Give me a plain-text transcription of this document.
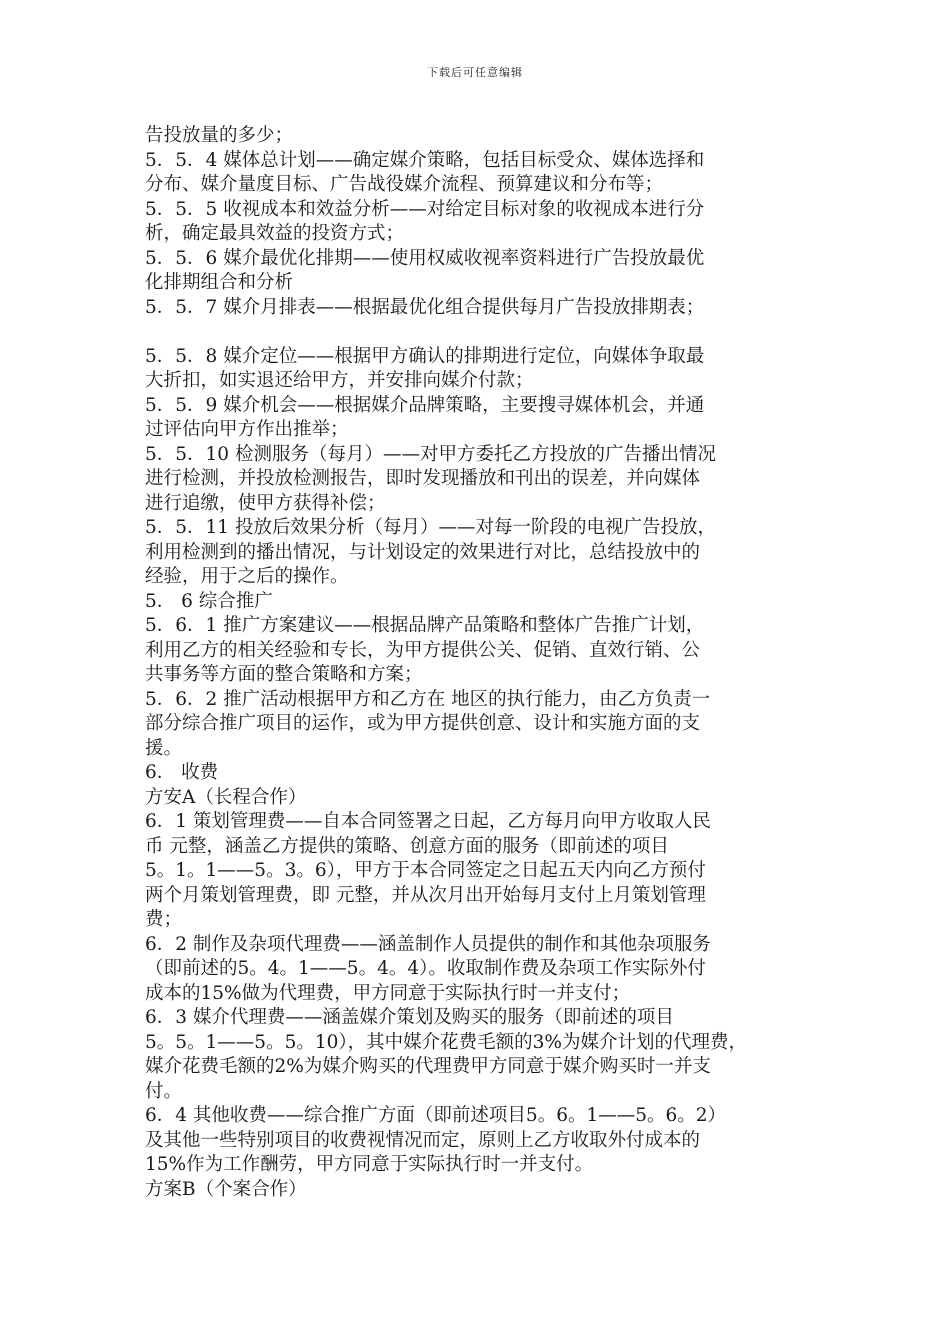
下载后可任意编辑
告投放量的多少；
5．5．4 媒体总计划——确定媒介策略，包括目标受众、媒体选择和
分布、媒介量度目标、广告战役媒介流程、预算建议和分布等；
5．5．5 收视成本和效益分析——对给定目标对象的收视成本进行分
析，确定最具效益的投资方式；
5．5．6 媒介最优化排期——使用权威收视率资料进行广告投放最优
化排期组合和分析
5．5．7 媒介月排表——根据最优化组合提供每月广告投放排期表；
5．5．8 媒介定位——根据甲方确认的排期进行定位，向媒体争取最
大折扣，如实退还给甲方，并安排向媒介付款；
5．5．9 媒介机会——根据媒介品牌策略，主要搜寻媒体机会，并通
过评估向甲方作出推举；
5．5．10 检测服务（每月）——对甲方委托乙方投放的广告播出情况
进行检测，并投放检测报告，即时发现播放和刊出的误差，并向媒体
进行追缴，使甲方获得补偿；
5．5．11 投放后效果分析（每月）——对每一阶段的电视广告投放，
利用检测到的播出情况，与计划设定的效果进行对比，总结投放中的
经验，用于之后的操作。
5． 6 综合推广
5．6．1 推广方案建议——根据品牌产品策略和整体广告推广计划，
利用乙方的相关经验和专长，为甲方提供公关、促销、直效行销、公
共事务等方面的整合策略和方案；
5．6．2 推广活动根据甲方和乙方在 地区的执行能力，由乙方负责一
部分综合推广项目的运作，或为甲方提供创意、设计和实施方面的支
援。
6． 收费
方安A（长程合作）
6．1 策划管理费——自本合同签署之日起，乙方每月向甲方收取人民
币 元整，涵盖乙方提供的策略、创意方面的服务（即前述的项目
5。1。1——5。3。6），甲方于本合同签定之日起五天内向乙方预付
两个月策划管理费，即 元整，并从次月出开始每月支付上月策划管理
费；
6．2 制作及杂项代理费——涵盖制作人员提供的制作和其他杂项服务
（即前述的5。4。1——5。4。4）。收取制作费及杂项工作实际外付
成本的15%做为代理费，甲方同意于实际执行时一并支付；
6．3 媒介代理费——涵盖媒介策划及购买的服务（即前述的项目
5。5。1——5。5。10），其中媒介花费毛额的3%为媒介计划的代理费，
媒介花费毛额的2%为媒介购买的代理费甲方同意于媒介购买时一并支
付。
6．4 其他收费——综合推广方面（即前述项目5。6。1——5。6。2）
及其他一些特别项目的收费视情况而定，原则上乙方收取外付成本的
15%作为工作酬劳，甲方同意于实际执行时一并支付。
方案B（个案合作）
